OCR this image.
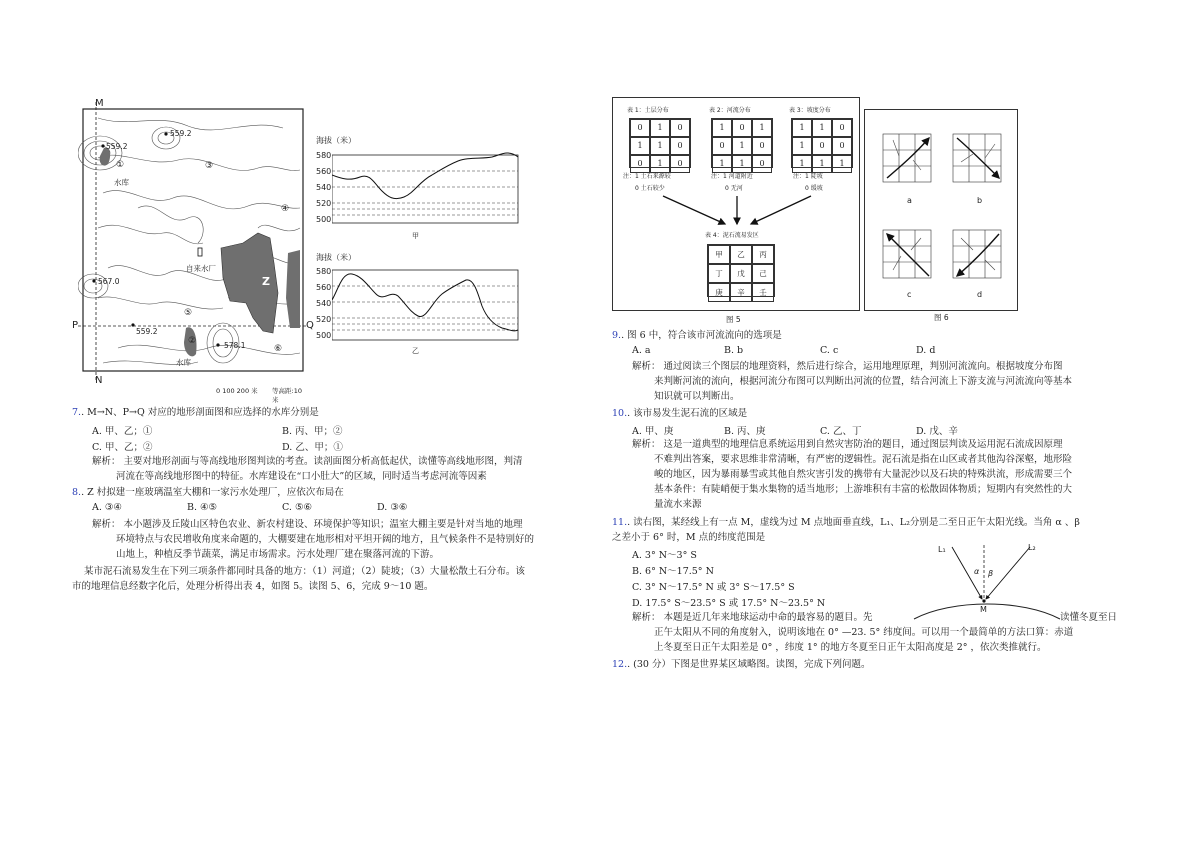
M
N
P	Q
559.2
559.2
567.0
559.2
578.1
③
④
⑤
⑥
①
②
水库
水库
自来水厂
Z
0 100 200 米 等高距:10米
海拔（米）
580
560
540
520
500
甲
海拔（米）
580
560
540
520
500
乙
7.. M→N、P→Q 对应的地形剖面图和应选择的水库分别是
A. 甲、乙；①	B. 丙、甲；②
C. 甲、乙；②	D. 乙、甲；①
解析： 主要对地形剖面与等高线地形图判读的考查。读剖面图分析高低起伏，读懂等高线地形图，判清
河流在等高线地形图中的特征。水库建设在“口小肚大”的区域，同时适当考虑河流等因素
8.. Z 村拟建一座玻璃温室大棚和一家污水处理厂，应依次布局在
A. ③④	B. ④⑤	C. ⑤⑥	D. ③⑥
解析： 本小题涉及丘陵山区特色农业、新农村建设、环境保护等知识；温室大棚主要是针对当地的地理
环境特点与农民增收角度来命题的，大棚要建在地形相对平坦开阔的地方，且气候条件不是特别好的
山地上，种植反季节蔬菜，满足市场需求。污水处理厂建在聚落河流的下游。
某市泥石流易发生在下列三项条件都同时具备的地方：（1）河道；（2）陡坡；（3）大量松散土石分布。该
市的地理信息经数字化后，处理分析得出表 4，如图 5。读图 5、6，完成 9～10 题。
表 1：土层分布	表 2：河流分布	表 3：坡度分布
0	1	0
1	1	0
0	1	0
1	0	1
0	1	0
1	1	0
1	1	0
1	0	0
1	1	1
注：1 土石来源较
0 土石较少
注：1 河道附近
0 无河
注：1 陡坡
0 缓坡
表 4：泥石流易发区
甲	乙	丙
丁	戊	己
庚	辛	壬
图 5
a	b
c	d
图 6
9.. 图 6 中，符合该市河流流向的选项是
A. a	B. b	C. c	D. d
解析： 通过阅读三个图层的地理资料，然后进行综合，运用地理原理，判别河流流向。根据坡度分布图
来判断河流的流向，根据河流分布图可以判断出河流的位置，结合河流上下游支流与河流流向等基本
知识就可以判断出。
10.. 该市易发生泥石流的区域是
A. 甲、庚	B. 丙、庚	C. 乙、丁	D. 戊、辛
解析： 这是一道典型的地理信息系统运用到自然灾害防治的题目，通过图层判读及运用泥石流成因原理
不难判出答案，要求思维非常清晰，有严密的逻辑性。泥石流是指在山区或者其他沟谷深壑，地形险
峻的地区，因为暴雨暴雪或其他自然灾害引发的携带有大量泥沙以及石块的特殊洪流，形成需要三个
基本条件：有陡峭便于集水集物的适当地形；上游堆积有丰富的松散固体物质；短期内有突然性的大
量流水来源
11.. 读右图，某经线上有一点 M，虚线为过 M 点地面垂直线，L₁、L₂分别是二至日正午太阳光线。当角 α 、β
之差小于 6° 时，M 点的纬度范围是
A. 3° N～3° S
B. 6° N～17.5° N
C. 3° N～17.5° N 或 3° S～17.5° S
D. 17.5° S～23.5° S 或 17.5° N～23.5° N
解析： 本题是近几年来地球运动中命的最容易的题目。先	读懂冬夏至日
正午太阳从不同的角度射入，说明该地在 0° —23. 5° 纬度间。可以用一个最简单的方法口算：赤道
上冬夏至日正午太阳差是 0° ，纬度 1° 的地方冬夏至日正午太阳高度是 2° ，依次类推就行。
L₁	L₂
α β
M
12.. (30 分）下图是世界某区域略图。读图，完成下列问题。
